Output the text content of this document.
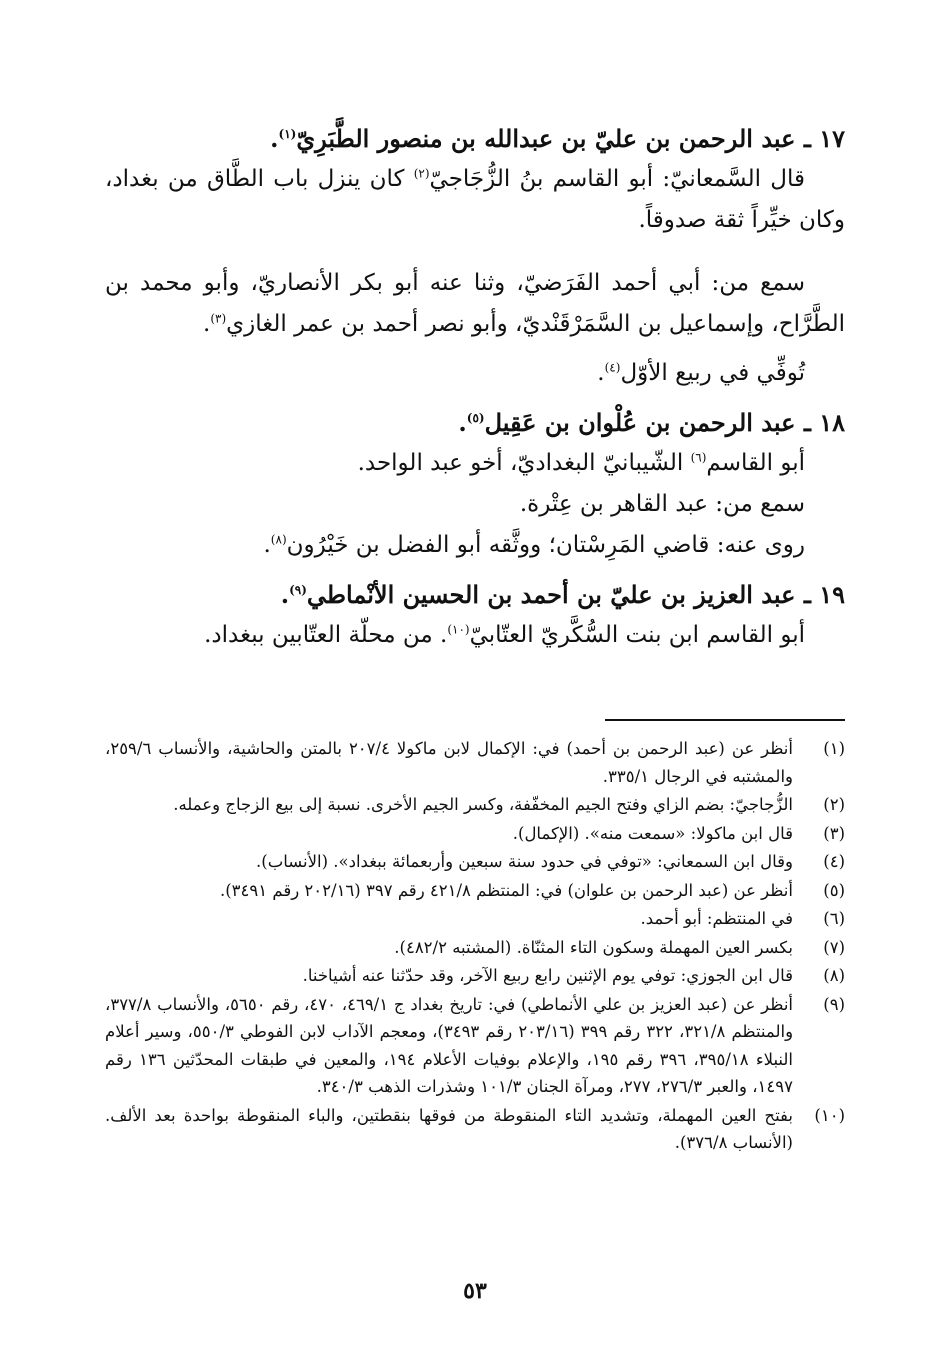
١٧ ـ عبد الرحمن بن عليّ بن عبدالله بن منصور الطَّبَرِيّ$^{(١)}$.

قال السَّمعانيّ: أبو القاسم بنُ الزُّجَاجيّ$^{(٢)}$ كان ينزل باب الطَّاق من بغداد، وكان خيِّراً ثقة صدوقاً.

سمع من: أبي أحمد الفَرَضيّ، وثنا عنه أبو بكر الأنصاريّ، وأبو محمد بن الطَّرَّاح، وإسماعيل بن السَّمَرْقَنْديّ، وأبو نصر أحمد بن عمر الغازي$^{(٣)}$.

تُوفِّي في ربيع الأوّل$^{(٤)}$.

١٨ ـ عبد الرحمن بن عُلْوان بن عَقِيل$^{(٥)}$.

أبو القاسم$^{(٦)}$ الشّيبانيّ البغداديّ، أخو عبد الواحد.

سمع من: عبد القاهر بن عِتْرة.

روى عنه: قاضي المَرِسْتان؛ ووثَّقه أبو الفضل بن خَيْرُون$^{(٨)}$.

١٩ ـ عبد العزيز بن عليّ بن أحمد بن الحسين الأنْماطي$^{(٩)}$.

أبو القاسم ابن بنت السُّكَّريّ العتّابيّ$^{(١٠)}$. من محلّة العتّابين ببغداد.

(١)
أنظر عن (عبد الرحمن بن أحمد) في: الإكمال لابن ماكولا ٢٠٧/٤ بالمتن والحاشية، والأنساب ٢٥٩/٦، والمشتبه في الرجال ٣٣٥/١.
(٢)
الزُّجاجيّ: بضم الزاي وفتح الجيم المخفّفة، وكسر الجيم الأخرى. نسبة إلى بيع الزجاج وعمله.
(٣)
قال ابن ماكولا: «سمعت منه». (الإكمال).
(٤)
وقال ابن السمعاني: «توفي في حدود سنة سبعين وأربعمائة ببغداد». (الأنساب).
(٥)
أنظر عن (عبد الرحمن بن علوان) في: المنتظم ٤٢١/٨ رقم ٣٩٧ (٢٠٢/١٦ رقم ٣٤٩١).
(٦)
في المنتظم: أبو أحمد.
(٧)
بكسر العين المهملة وسكون التاء المثنّاة. (المشتبه ٤٨٢/٢).
(٨)
قال ابن الجوزي: توفي يوم الإثنين رابع ربيع الآخر، وقد حدّثنا عنه أشياخنا.
(٩)
أنظر عن (عبد العزيز بن علي الأنماطي) في: تاريخ بغداد ج ٤٦٩/١، ٤٧٠، رقم ٥٦٥٠، والأنساب ٣٧٧/٨، والمنتظم ٣٢١/٨، ٣٢٢ رقم ٣٩٩ (٢٠٣/١٦ رقم ٣٤٩٣)، ومعجم الآداب لابن الفوطي ٥٥٠/٣، وسير أعلام النبلاء ٣٩٥/١٨، ٣٩٦ رقم ١٩٥، والإعلام بوفيات الأعلام ١٩٤، والمعين في طبقات المحدّثين ١٣٦ رقم ١٤٩٧، والعبر ٢٧٦/٣، ٢٧٧، ومرآة الجنان ١٠١/٣ وشذرات الذهب ٣٤٠/٣.
(١٠)
بفتح العين المهملة، وتشديد التاء المنقوطة من فوقها بنقطتين، والباء المنقوطة بواحدة بعد الألف. (الأنساب ٣٧٦/٨).
٥٣
